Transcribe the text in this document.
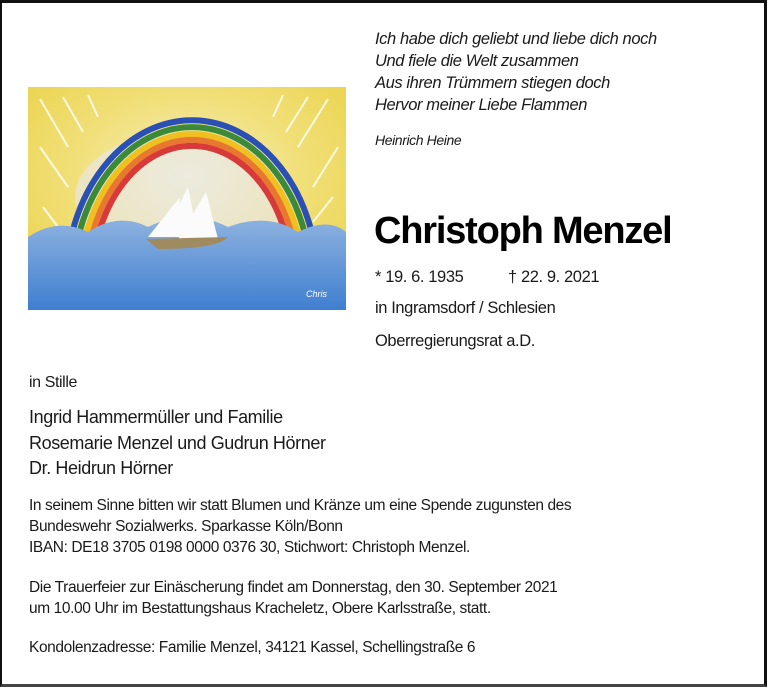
Ich habe dich geliebt und liebe dich noch
Und fiele die Welt zusammen
Aus ihren Trümmern stiegen doch
Hervor meiner Liebe Flammen
Heinrich Heine
Chris
Christoph Menzel
* 19. 6. 1935	† 22. 9. 2021
in Ingramsdorf / Schlesien
Oberregierungsrat a.D.
in Stille
Ingrid Hammermüller und Familie
Rosemarie Menzel und Gudrun Hörner
Dr. Heidrun Hörner
In seinem Sinne bitten wir statt Blumen und Kränze um eine Spende zugunsten des
Bundeswehr Sozialwerks. Sparkasse Köln/Bonn
IBAN: DE18 3705 0198 0000 0376 30, Stichwort: Christoph Menzel.
Die Trauerfeier zur Einäscherung findet am Donnerstag, den 30. September 2021
um 10.00 Uhr im Bestattungshaus Kracheletz, Obere Karlsstraße, statt.
Kondolenzadresse: Familie Menzel, 34121 Kassel, Schellingstraße 6
